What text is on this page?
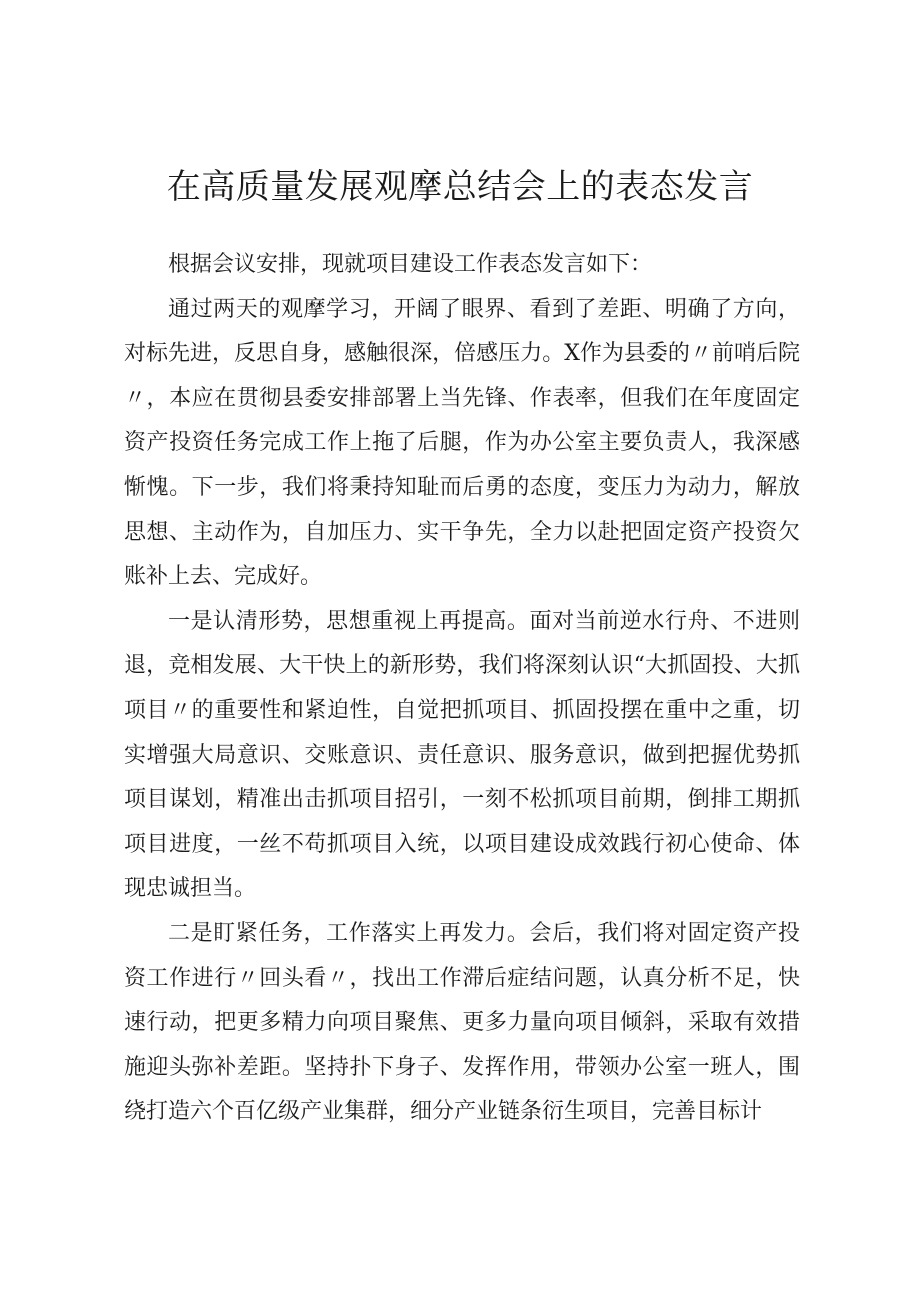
在高质量发展观摩总结会上的表态发言

根据会议安排，现就项目建设工作表态发言如下：

通过两天的观摩学习，开阔了眼界、看到了差距、明确了方向，对标先进，反思自身，感触很深，倍感压力。X作为县委的〃前哨后院〃，本应在贯彻县委安排部署上当先锋、作表率，但我们在年度固定资产投资任务完成工作上拖了后腿，作为办公室主要负责人，我深感惭愧。下一步，我们将秉持知耻而后勇的态度，变压力为动力，解放思想、主动作为，自加压力、实干争先，全力以赴把固定资产投资欠账补上去、完成好。

一是认清形势，思想重视上再提高。面对当前逆水行舟、不进则退，竞相发展、大干快上的新形势，我们将深刻认识“大抓固投、大抓项目〃的重要性和紧迫性，自觉把抓项目、抓固投摆在重中之重，切实增强大局意识、交账意识、责任意识、服务意识，做到把握优势抓项目谋划，精准出击抓项目招引，一刻不松抓项目前期，倒排工期抓项目进度，一丝不苟抓项目入统，以项目建设成效践行初心使命、体现忠诚担当。

二是盯紧任务，工作落实上再发力。会后，我们将对固定资产投资工作进行〃回头看〃，找出工作滞后症结问题，认真分析不足，快速行动，把更多精力向项目聚焦、更多力量向项目倾斜，采取有效措施迎头弥补差距。坚持扑下身子、发挥作用，带领办公室一班人，围绕打造六个百亿级产业集群，细分产业链条衍生项目，完善目标计
